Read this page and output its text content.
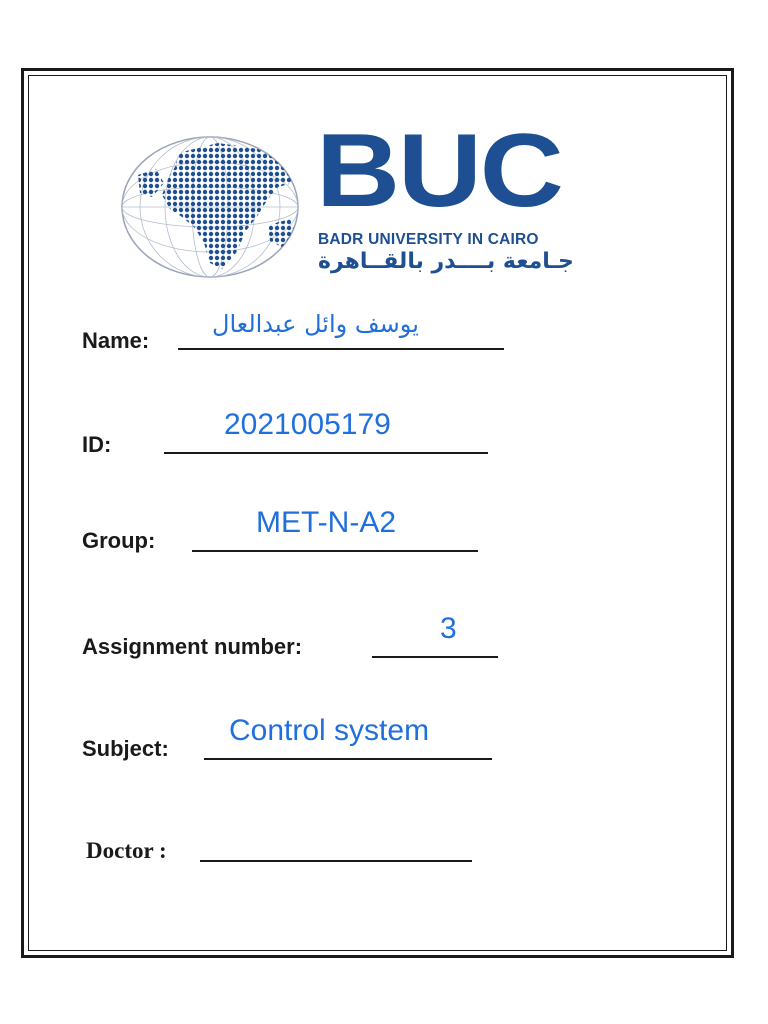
BUC
BADR UNIVERSITY IN CAIRO
جـامعة بــــدر بالقــاهرة
Name:
يوسف وائل عبدالعال
ID:
2021005179
Group:
MET-N-A2
Assignment number:
3
Subject:
Control system
Doctor :
